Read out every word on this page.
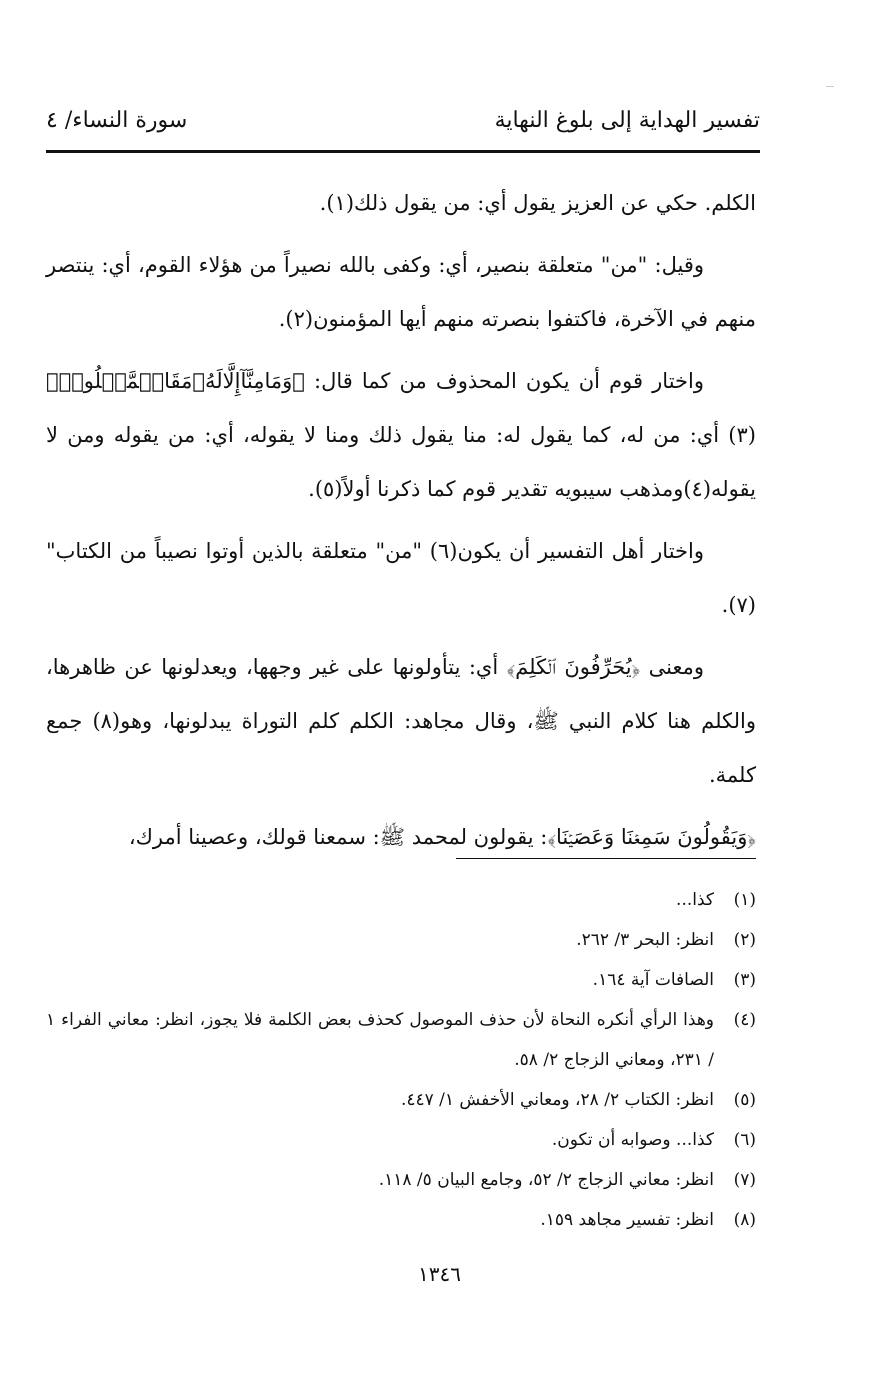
تفسير الهداية إلى بلوغ النهاية
سورة النساء/ ٤

الكلم. حكي عن العزيز يقول أي: من يقول ذلك(١).

وقيل: "من" متعلقة بنصير، أي: وكفى بالله نصيراً من هؤلاء القوم، أي: ينتصر منهم في الآخرة، فاكتفوا بنصرته منهم أيها المؤمنون(٢).

واختار قوم أن يكون المحذوف من كما قال: ﴿وَمَامِنَّآإِلَّالَهُۥمَقَامٞمَّعۡلُومٞ﴾(٣) أي: من له، كما يقول له: منا يقول ذلك ومنا لا يقوله، أي: من يقوله ومن لا يقوله(٤)ومذهب سيبويه تقدير قوم كما ذكرنا أولاً(٥).

واختار أهل التفسير أن يكون(٦) "من" متعلقة بالذين أوتوا نصيباً من الكتاب"(٧).

ومعنى ﴿يُحَرِّفُونَ ٱلۡكَلِمَ﴾ أي: يتأولونها على غير وجهها، ويعدلونها عن ظاهرها، والكلم هنا كلام النبي ﷺ، وقال مجاهد: الكلم كلم التوراة يبدلونها، وهو(٨) جمع كلمة.

﴿وَيَقُولُونَ سَمِعۡنَا وَعَصَيۡنَا﴾: يقولون لمحمد ﷺ: سمعنا قولك، وعصينا أمرك،

(١)
كذا...
(٢)
انظر: البحر ٣/ ٢٦٢.
(٣)
الصافات آية ١٦٤.
(٤)
وهذا الرأي أنكره النحاة لأن حذف الموصول كحذف بعض الكلمة فلا يجوز، انظر: معاني الفراء ١ / ٢٣١، ومعاني الزجاج ٢/ ٥٨.
(٥)
انظر: الكتاب ٢/ ٢٨، ومعاني الأخفش ١/ ٤٤٧.
(٦)
كذا... وصوابه أن تكون.
(٧)
انظر: معاني الزجاج ٢/ ٥٢، وجامع البيان ٥/ ١١٨.
(٨)
انظر: تفسير مجاهد ١٥٩.
١٣٤٦
